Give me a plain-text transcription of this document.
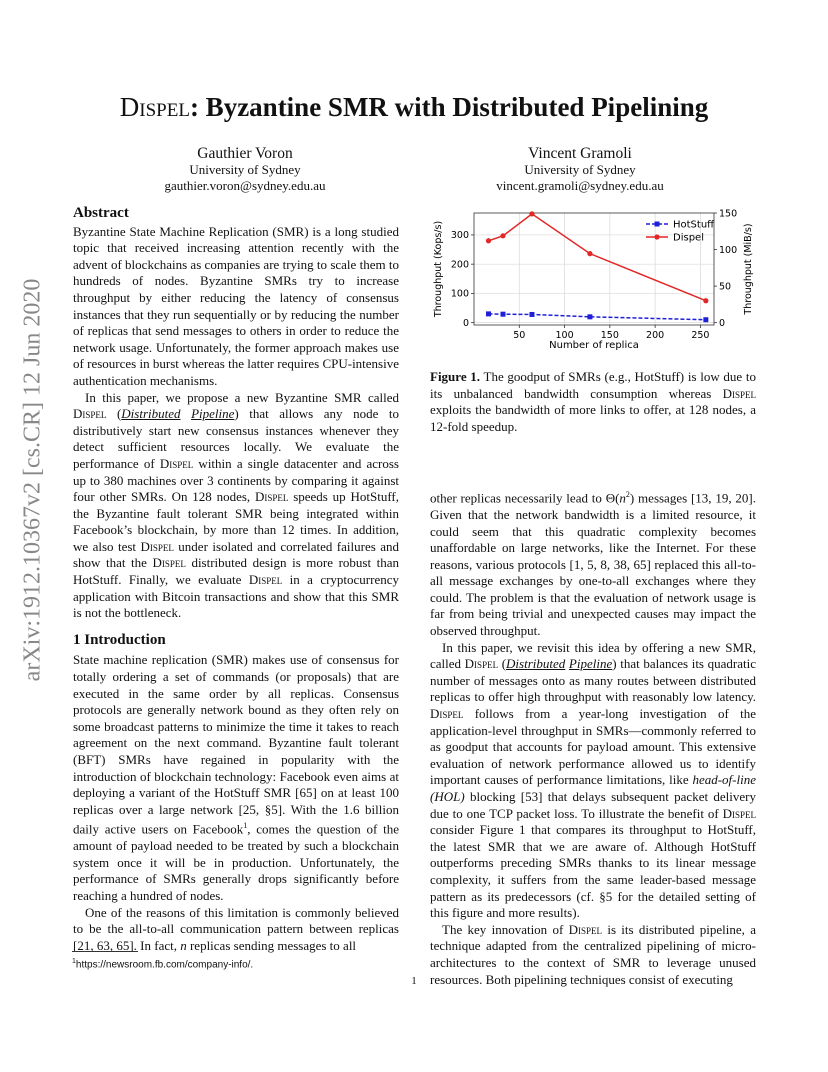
arXiv:1912.10367v2 [cs.CR] 12 Jun 2020
Dispel: Byzantine SMR with Distributed Pipelining
Gauthier Voron
University of Sydney
gauthier.voron@sydney.edu.au
Vincent Gramoli
University of Sydney
vincent.gramoli@sydney.edu.au
Abstract

Byzantine State Machine Replication (SMR) is a long studied topic that received increasing attention recently with the advent of blockchains as companies are trying to scale them to hundreds of nodes. Byzantine SMRs try to increase throughput by either reducing the latency of consensus instances that they run sequentially or by reducing the number of replicas that send messages to others in order to reduce the network usage. Unfortunately, the former approach makes use of resources in burst whereas the latter requires CPU-intensive authentication mechanisms.

In this paper, we propose a new Byzantine SMR called Dispel (Distributed Pipeline) that allows any node to distributively start new consensus instances whenever they detect sufficient resources locally. We evaluate the performance of Dispel within a single datacenter and across up to 380 machines over 3 continents by comparing it against four other SMRs. On 128 nodes, Dispel speeds up HotStuff, the Byzantine fault tolerant SMR being integrated within Facebook’s blockchain, by more than 12 times. In addition, we also test Dispel under isolated and correlated failures and show that the Dispel distributed design is more robust than HotStuff. Finally, we evaluate Dispel in a cryptocurrency application with Bitcoin transactions and show that this SMR is not the bottleneck.

1 Introduction

State machine replication (SMR) makes use of consensus for totally ordering a set of commands (or proposals) that are executed in the same order by all replicas. Consensus protocols are generally network bound as they often rely on some broadcast patterns to minimize the time it takes to reach agreement on the next command. Byzantine fault tolerant (BFT) SMRs have regained in popularity with the introduction of blockchain technology: Facebook even aims at deploying a variant of the HotStuff SMR [65] on at least 100 replicas over a large network [25, §5]. With the 1.6 billion daily active users on Facebook$^1$, comes the question of the amount of payload needed to be treated by such a blockchain system once it will be in production. Unfortunately, the performance of SMRs generally drops significantly before reaching a hundred of nodes.

One of the reasons of this limitation is commonly believed to be the all-to-all communication pattern between replicas [21, 63, 65]. In fact, n replicas sending messages to all

50	100	150	200	250
0
100
200
300
0
50
100
150
Number of replica
Throughput (Kops/s)	Throughput (MiB/s)
HotStuff
Dispel
Figure 1. The goodput of SMRs (e.g., HotStuff) is low due to its unbalanced bandwidth consumption whereas Dispel exploits the bandwidth of more links to offer, at 128 nodes, a 12-fold speedup.

other replicas necessarily lead to $\Theta(n^2)$ messages [13, 19, 20]. Given that the network bandwidth is a limited resource, it could seem that this quadratic complexity becomes unaffordable on large networks, like the Internet. For these reasons, various protocols [1, 5, 8, 38, 65] replaced this all-to-all message exchanges by one-to-all exchanges where they could. The problem is that the evaluation of network usage is far from being trivial and unexpected causes may impact the observed throughput.

In this paper, we revisit this idea by offering a new SMR, called Dispel (Distributed Pipeline) that balances its quadratic number of messages onto as many routes between distributed replicas to offer high throughput with reasonably low latency. Dispel follows from a year-long investigation of the application-level throughput in SMRs—commonly referred to as goodput that accounts for payload amount. This extensive evaluation of network performance allowed us to identify important causes of performance limitations, like head-of-line (HOL) blocking [53] that delays subsequent packet delivery due to one TCP packet loss. To illustrate the benefit of Dispel consider Figure 1 that compares its throughput to HotStuff, the latest SMR that we are aware of. Although HotStuff outperforms preceding SMRs thanks to its linear message complexity, it suffers from the same leader-based message pattern as its predecessors (cf. §5 for the detailed setting of this figure and more results).

The key innovation of Dispel is its distributed pipeline, a technique adapted from the centralized pipelining of micro-architectures to the context of SMR to leverage unused resources. Both pipelining techniques consist of executing

$^1$https://newsroom.fb.com/company-info/.
1
